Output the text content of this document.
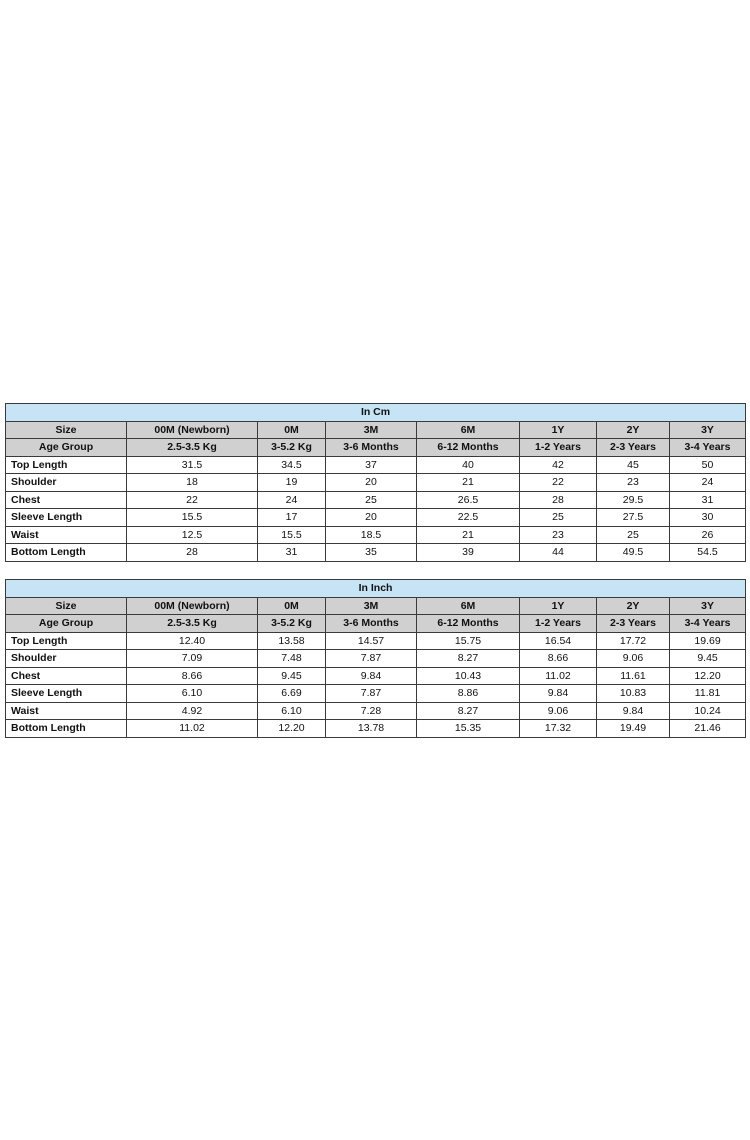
In Cm							
Size	00M (Newborn)	0M	3M	6M	1Y	2Y	3Y
Age Group	2.5-3.5 Kg	3-5.2 Kg	3-6 Months	6-12 Months	1-2 Years	2-3 Years	3-4 Years
Top Length	31.5	34.5	37	40	42	45	50
Shoulder	18	19	20	21	22	23	24
Chest	22	24	25	26.5	28	29.5	31
Sleeve Length	15.5	17	20	22.5	25	27.5	30
Waist	12.5	15.5	18.5	21	23	25	26
Bottom Length	28	31	35	39	44	49.5	54.5
In Inch							
Size	00M (Newborn)	0M	3M	6M	1Y	2Y	3Y
Age Group	2.5-3.5 Kg	3-5.2 Kg	3-6 Months	6-12 Months	1-2 Years	2-3 Years	3-4 Years
Top Length	12.40	13.58	14.57	15.75	16.54	17.72	19.69
Shoulder	7.09	7.48	7.87	8.27	8.66	9.06	9.45
Chest	8.66	9.45	9.84	10.43	11.02	11.61	12.20
Sleeve Length	6.10	6.69	7.87	8.86	9.84	10.83	11.81
Waist	4.92	6.10	7.28	8.27	9.06	9.84	10.24
Bottom Length	11.02	12.20	13.78	15.35	17.32	19.49	21.46
